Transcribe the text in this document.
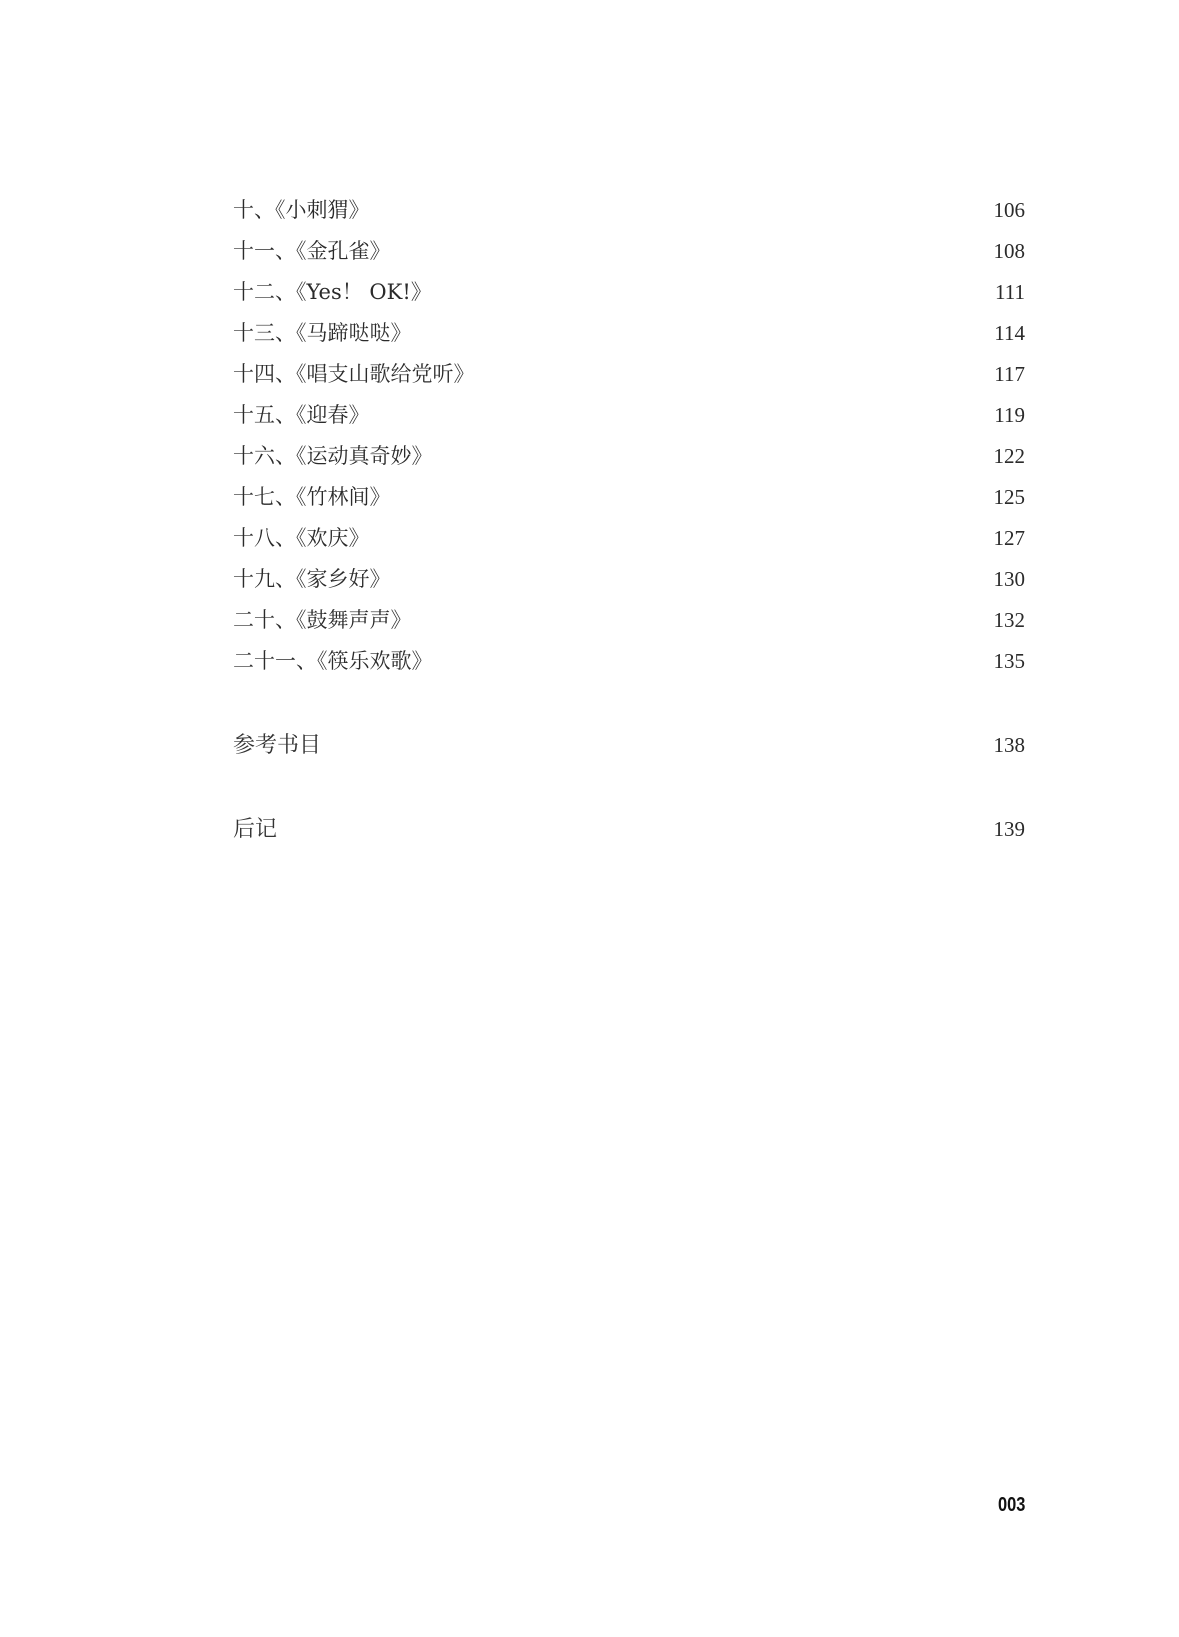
十、《小刺猬》	106
十一、《金孔雀》	108
十二、《Yes！ OK!》	111
十三、《马蹄哒哒》	114
十四、《唱支山歌给党听》	117
十五、《迎春》	119
十六、《运动真奇妙》	122
十七、《竹林间》	125
十八、《欢庆》	127
十九、《家乡好》	130
二十、《鼓舞声声》	132
二十一、《筷乐欢歌》	135
参考书目	138
后记	139
003
